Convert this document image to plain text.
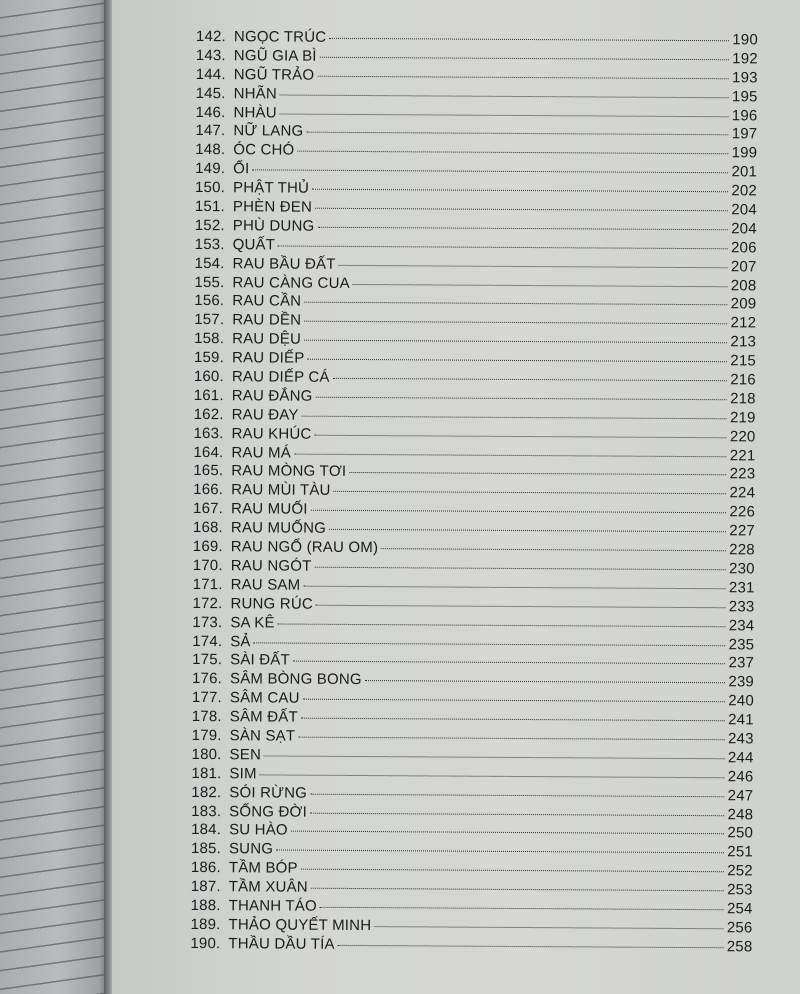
142. NGỌC TRÚC	190
143. NGŨ GIA BÌ	192
144. NGŨ TRẢO	193
145. NHÃN	195
146. NHÀU	196
147. NỮ LANG	197
148. ÓC CHÓ	199
149. ỔI	201
150. PHẬT THỦ	202
151. PHÈN ĐEN	204
152. PHÙ DUNG	204
153. QUẤT	206
154. RAU BẦU ĐẤT	207
155. RAU CÀNG CUA	208
156. RAU CẦN	209
157. RAU DỀN	212
158. RAU DỆU	213
159. RAU DIẾP	215
160. RAU DIẾP CÁ	216
161. RAU ĐẮNG	218
162. RAU ĐAY	219
163. RAU KHÚC	220
164. RAU MÁ	221
165. RAU MÒNG TƠI	223
166. RAU MÙI TÀU	224
167. RAU MUỐI	226
168. RAU MUỐNG	227
169. RAU NGỔ (RAU OM)	228
170. RAU NGÓT	230
171. RAU SAM	231
172. RUNG RÚC	233
173. SA KÊ	234
174. SẢ	235
175. SÀI ĐẤT	237
176. SÂM BÒNG BONG	239
177. SÂM CAU	240
178. SÂM ĐẤT	241
179. SÀN SẠT	243
180. SEN	244
181. SIM	246
182. SÓI RỪNG	247
183. SỐNG ĐỜI	248
184. SU HÀO	250
185. SUNG	251
186. TẦM BÓP	252
187. TẦM XUÂN	253
188. THANH TÁO	254
189. THẢO QUYẾT MINH	256
190. THẦU DẦU TÍA	258
